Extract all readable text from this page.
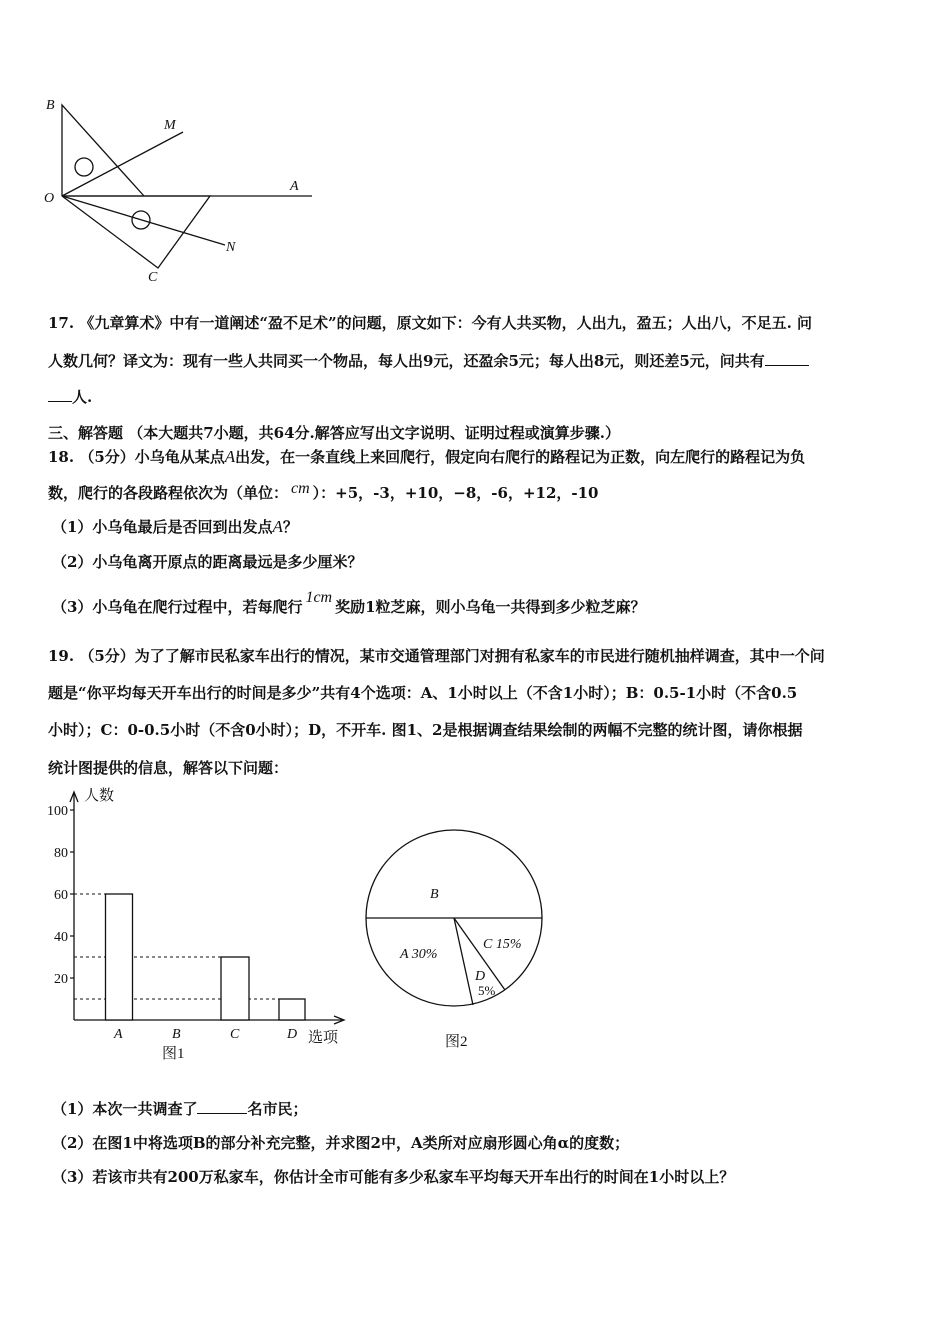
B
M
O
A
N
C
17. 《九章算术》中有一道阐述“盈不足术”的问题，原文如下：今有人共买物，人出九，盈五；人出八，不足五. 问
人数几何？译文为：现有一些人共同买一个物品，每人出9元，还盈余5元；每人出8元，则还差5元，问共有
人.
三、解答题 （本大题共7小题，共64分.解答应写出文字说明、证明过程或演算步骤.）
18. （5分）小乌龟从某点A出发，在一条直线上来回爬行，假定向右爬行的路程记为正数，向左爬行的路程记为负
数，爬行的各段路程依次为（单位： cm ）：+5，-3，+10，−8，-6，+12，-10
（1）小乌龟最后是否回到出发点A？
（2）小乌龟离开原点的距离最远是多少厘米？
（3）小乌龟在爬行过程中，若每爬行1cm奖励1粒芝麻，则小乌龟一共得到多少粒芝麻？
19. （5分）为了了解市民私家车出行的情况，某市交通管理部门对拥有私家车的市民进行随机抽样调查，其中一个问
题是“你平均每天开车出行的时间是多少”共有4个选项：A、1小时以上（不含1小时）；B：0.5-1小时（不含0.5
小时）；C：0-0.5小时（不含0小时）；D，不开车. 图1、2是根据调查结果绘制的两幅不完整的统计图，请你根据
统计图提供的信息，解答以下问题：
人数
选项
图1
100
80
60
40
20
A	B	C	D
B
A 30%
C 15%
D
5%
图2
（1）本次一共调查了	名市民；
（2）在图1中将选项B的部分补充完整，并求图2中，A类所对应扇形圆心角α的度数；
（3）若该市共有200万私家车，你估计全市可能有多少私家车平均每天开车出行的时间在1小时以上？
